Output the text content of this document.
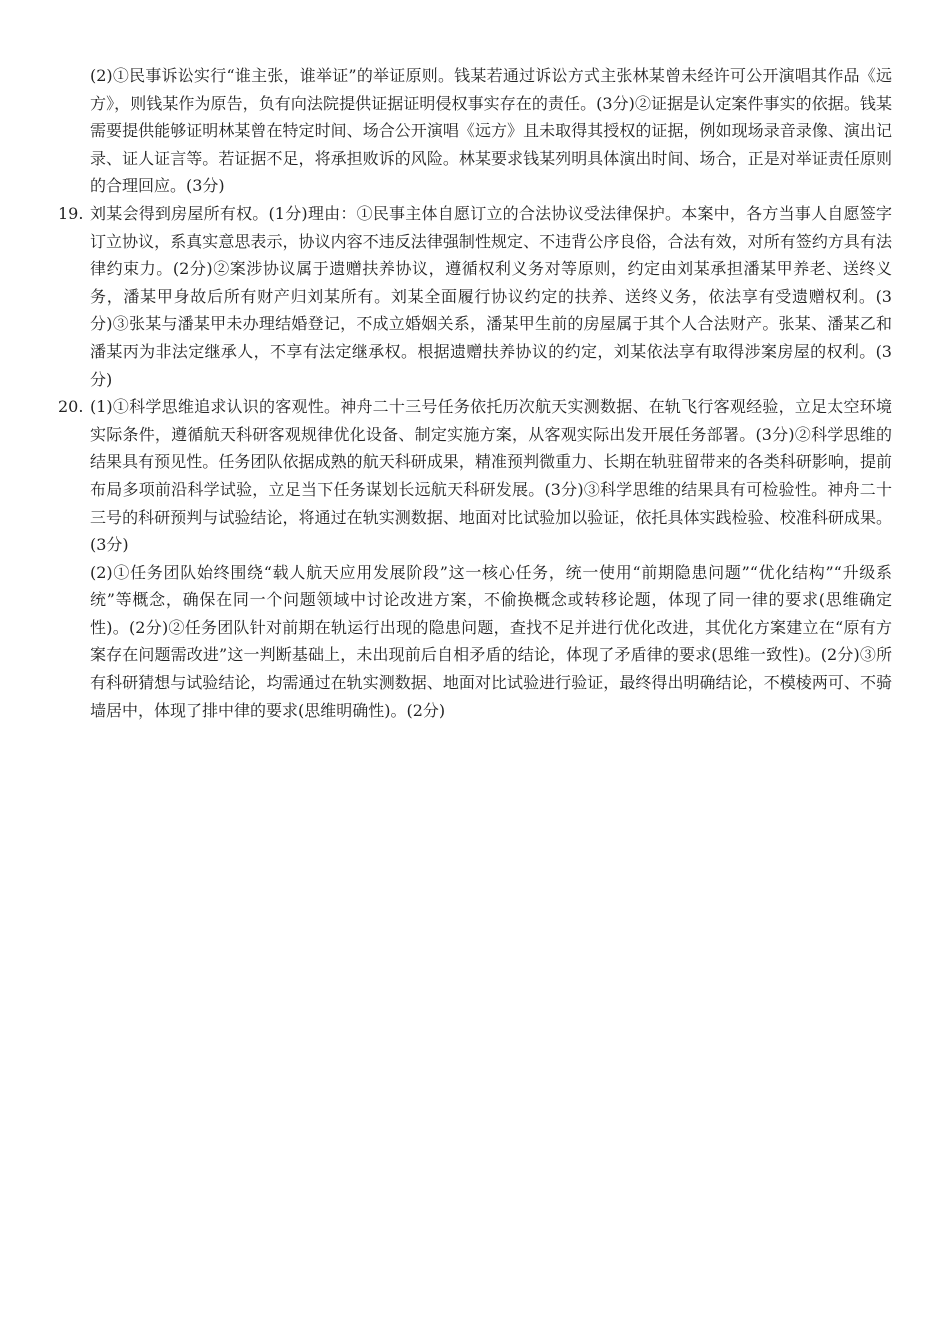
(2)①民事诉讼实行“谁主张，谁举证”的举证原则。钱某若通过诉讼方式主张林某曾未经许可公开演唱其作品《远方》，则钱某作为原告，负有向法院提供证据证明侵权事实存在的责任。(3分)②证据是认定案件事实的依据。钱某需要提供能够证明林某曾在特定时间、场合公开演唱《远方》且未取得其授权的证据，例如现场录音录像、演出记录、证人证言等。若证据不足，将承担败诉的风险。林某要求钱某列明具体演出时间、场合，正是对举证责任原则的合理回应。(3分)

19. 刘某会得到房屋所有权。(1分)理由：①民事主体自愿订立的合法协议受法律保护。本案中，各方当事人自愿签字订立协议，系真实意思表示，协议内容不违反法律强制性规定、不违背公序良俗，合法有效，对所有签约方具有法律约束力。(2分)②案涉协议属于遗赠扶养协议，遵循权利义务对等原则，约定由刘某承担潘某甲养老、送终义务，潘某甲身故后所有财产归刘某所有。刘某全面履行协议约定的扶养、送终义务，依法享有受遗赠权利。(3分)③张某与潘某甲未办理结婚登记，不成立婚姻关系，潘某甲生前的房屋属于其个人合法财产。张某、潘某乙和潘某丙为非法定继承人，不享有法定继承权。根据遗赠扶养协议的约定，刘某依法享有取得涉案房屋的权利。(3分)

20. (1)①科学思维追求认识的客观性。神舟二十三号任务依托历次航天实测数据、在轨飞行客观经验，立足太空环境实际条件，遵循航天科研客观规律优化设备、制定实施方案，从客观实际出发开展任务部署。(3分)②科学思维的结果具有预见性。任务团队依据成熟的航天科研成果，精准预判微重力、长期在轨驻留带来的各类科研影响，提前布局多项前沿科学试验，立足当下任务谋划长远航天科研发展。(3分)③科学思维的结果具有可检验性。神舟二十三号的科研预判与试验结论，将通过在轨实测数据、地面对比试验加以验证，依托具体实践检验、校准科研成果。(3分)

(2)①任务团队始终围绕“载人航天应用发展阶段”这一核心任务，统一使用“前期隐患问题”“优化结构”“升级系统”等概念，确保在同一个问题领域中讨论改进方案，不偷换概念或转移论题，体现了同一律的要求(思维确定性)。(2分)②任务团队针对前期在轨运行出现的隐患问题，查找不足并进行优化改进，其优化方案建立在“原有方案存在问题需改进”这一判断基础上，未出现前后自相矛盾的结论，体现了矛盾律的要求(思维一致性)。(2分)③所有科研猜想与试验结论，均需通过在轨实测数据、地面对比试验进行验证，最终得出明确结论，不模棱两可、不骑墙居中，体现了排中律的要求(思维明确性)。(2分)
